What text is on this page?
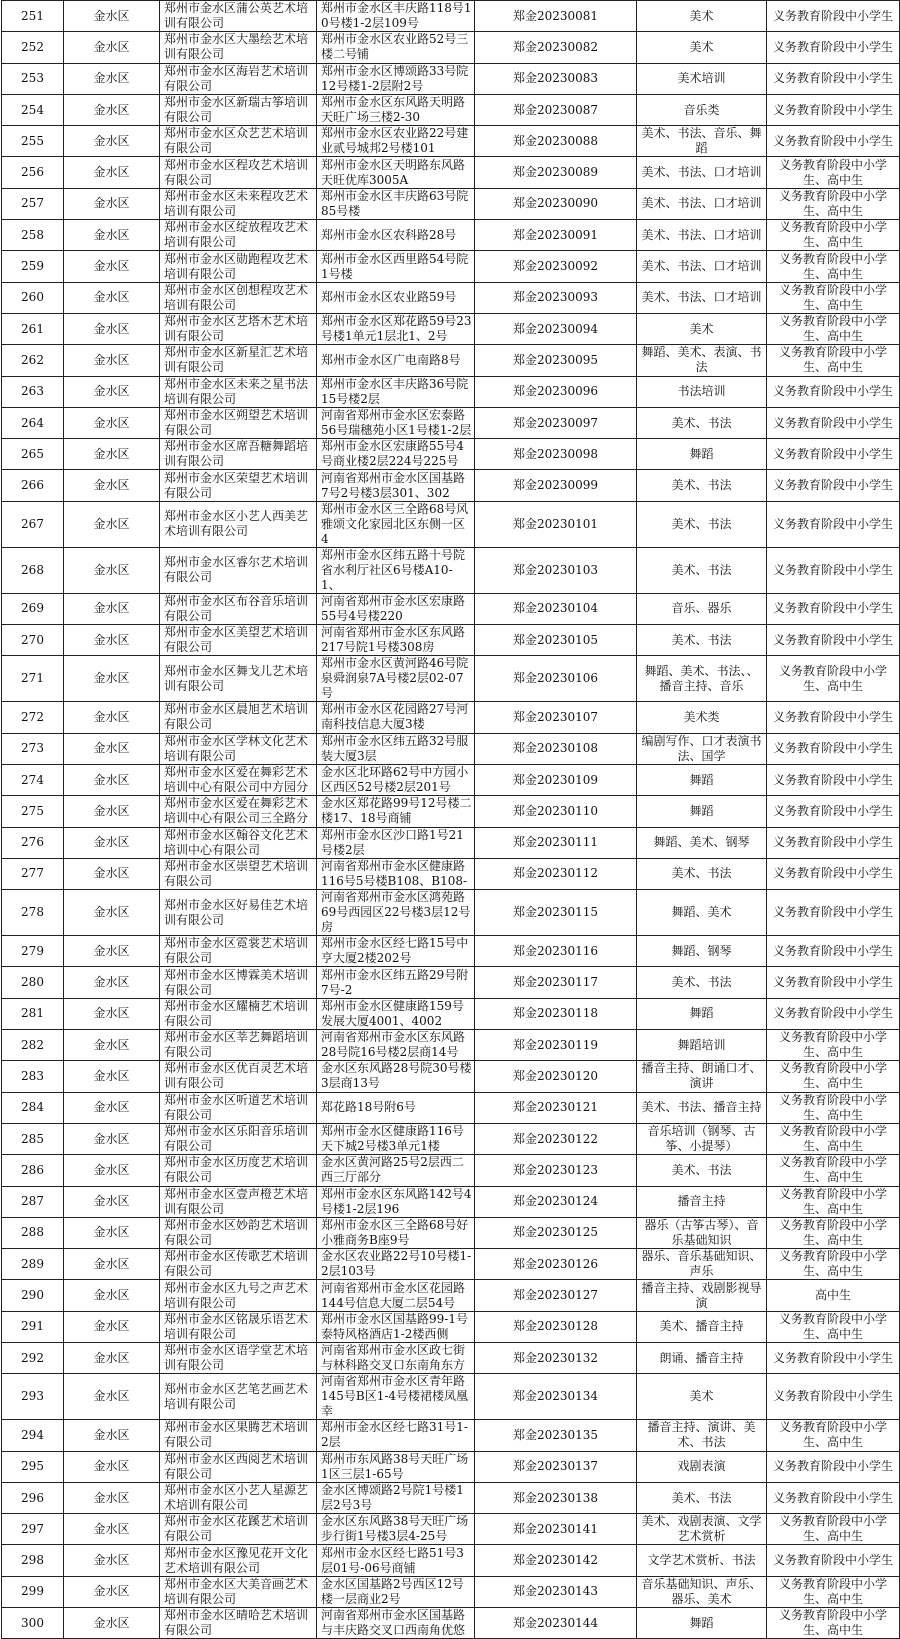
251	金水区	郑州市金水区蒲公英艺术培训有限公司	郑州市金水区丰庆路118号10号楼1-2层109号	郑金20230081	美术	义务教育阶段中小学生
252	金水区	郑州市金水区大墨绘艺术培训有限公司	郑州市金水区农业路52号三楼二号铺	郑金20230082	美术	义务教育阶段中小学生
253	金水区	郑州市金水区海岩艺术培训有限公司	郑州市金水区博颂路33号院12号楼1-2层附2号	郑金20230083	美术培训	义务教育阶段中小学生
254	金水区	郑州市金水区新瑞古筝培训有限公司	郑州市金水区东风路天明路天旺广场三楼2-30	郑金20230087	音乐类	义务教育阶段中小学生
255	金水区	郑州市金水区众艺艺术培训有限公司	郑州市金水区农业路22号建业贰号城邦2号楼101	郑金20230088	美术、书法、音乐、舞蹈	义务教育阶段中小学生
256	金水区	郑州市金水区程攻艺术培训有限公司	郑州市金水区天明路东风路天旺优库3005A	郑金20230089	美术、书法、口才培训	义务教育阶段中小学生、高中生
257	金水区	郑州市金水区未来程攻艺术培训有限公司	郑州市金水区丰庆路63号院85号楼	郑金20230090	美术、书法、口才培训	义务教育阶段中小学生、高中生
258	金水区	郑州市金水区绽放程攻艺术培训有限公司	郑州市金水区农科路28号	郑金20230091	美术、书法、口才培训	义务教育阶段中小学生、高中生
259	金水区	郑州市金水区勋跑程攻艺术培训有限公司	郑州市金水区西里路54号院1号楼	郑金20230092	美术、书法、口才培训	义务教育阶段中小学生、高中生
260	金水区	郑州市金水区创想程攻艺术培训有限公司	郑州市金水区农业路59号	郑金20230093	美术、书法、口才培训	义务教育阶段中小学生、高中生
261	金水区	郑州市金水区艺塔木艺术培训有限公司	郑州市金水区郑花路59号23号楼1单元1层北1、2号	郑金20230094	美术	义务教育阶段中小学生、高中生
262	金水区	郑州市金水区新星汇艺术培训有限公司	郑州市金水区广电南路8号	郑金20230095	舞蹈、美术、表演、书法	义务教育阶段中小学生、高中生
263	金水区	郑州市金水区未来之星书法培训有限公司	郑州市金水区丰庆路36号院15号楼2层	郑金20230096	书法培训	义务教育阶段中小学生
264	金水区	郑州市金水区朔望艺术培训有限公司	河南省郑州市金水区宏泰路56号瑞穗苑小区1号楼1-2层	郑金20230097	美术、书法	义务教育阶段中小学生
265	金水区	郑州市金水区席吾糖舞蹈培训有限公司	郑州市金水区宏康路55号4号商业楼2层224号225号	郑金20230098	舞蹈	义务教育阶段中小学生
266	金水区	郑州市金水区荣望艺术培训有限公司	河南省郑州市金水区国基路7号2号楼3层301、302	郑金20230099	美术、书法	义务教育阶段中小学生
267	金水区	郑州市金水区小艺人西美艺术培训有限公司	郑州市金水区三全路68号风雅颂文化家园北区东侧一区4	郑金20230101	美术、书法	义务教育阶段中小学生
268	金水区	郑州市金水区睿尔艺术培训有限公司	郑州市金水区纬五路十号院省水利厅社区6号楼A10-1、	郑金20230103	美术、书法	义务教育阶段中小学生
269	金水区	郑州市金水区布谷音乐培训有限公司	河南省郑州市金水区宏康路55号4号楼220	郑金20230104	音乐、器乐	义务教育阶段中小学生
270	金水区	郑州市金水区美望艺术培训有限公司	河南省郑州市金水区东风路217号院1号楼308房	郑金20230105	美术、书法	义务教育阶段中小学生
271	金水区	郑州市金水区舞戈儿艺术培训有限公司	郑州市金水区黄河路46号院泉舜润泉7A号楼2层02-07号	郑金20230106	舞蹈、美术、书法、、播音主持、音乐	义务教育阶段中小学生、高中生
272	金水区	郑州市金水区晨旭艺术培训有限公司	郑州市金水区花园路27号河南科技信息大厦3楼	郑金20230107	美术类	义务教育阶段中小学生
273	金水区	郑州市金水区学林文化艺术培训有限公司	郑州市金水区纬五路32号服装大厦3层	郑金20230108	编剧写作、口才表演书法、国学	义务教育阶段中小学生
274	金水区	郑州市金水区爱在舞彩艺术培训中心有限公司中方园分	金水区北环路62号中方园小区西区52号楼2层201号	郑金20230109	舞蹈	义务教育阶段中小学生
275	金水区	郑州市金水区爱在舞彩艺术培训中心有限公司三全路分	金水区郑花路99号12号楼二楼17、18号商铺	郑金20230110	舞蹈	义务教育阶段中小学生
276	金水区	郑州市金水区翰谷文化艺术培训中心有限公司	郑州市金水区沙口路1号21号楼2层	郑金20230111	舞蹈、美术、钢琴	义务教育阶段中小学生
277	金水区	郑州市金水区崇望艺术培训有限公司	河南省郑州市金水区健康路116号5号楼B108、B108-	郑金20230112	美术、书法	义务教育阶段中小学生
278	金水区	郑州市金水区好易佳艺术培训有限公司	河南省郑州市金水区鸿苑路69号西园区22号楼3层12号房	郑金20230115	舞蹈、美术	义务教育阶段中小学生
279	金水区	郑州市金水区霓裳艺术培训有限公司	郑州市金水区经七路15号中亨大厦2楼202号	郑金20230116	舞蹈、钢琴	义务教育阶段中小学生
280	金水区	郑州市金水区博霖美术培训有限公司	郑州市金水区纬五路29号附7号-2	郑金20230117	美术、书法	义务教育阶段中小学生
281	金水区	郑州市金水区耀楠艺术培训有限公司	郑州市金水区健康路159号发展大厦4001、4002	郑金20230118	舞蹈	义务教育阶段中小学生
282	金水区	郑州市金水区莘艺舞蹈培训有限公司	河南省郑州市金水区东风路28号院16号楼2层商14号	郑金20230119	舞蹈培训	义务教育阶段中小学生、高中生
283	金水区	郑州市金水区优百灵艺术培训有限公司	金水区东风路28号院30号楼3层商13号	郑金20230120	播音主持、朗诵口才、演讲	义务教育阶段中小学生、高中生
284	金水区	郑州市金水区听道艺术培训有限公司	郑花路18号附6号	郑金20230121	美术、书法、播音主持	义务教育阶段中小学生、高中生
285	金水区	郑州市金水区乐阳音乐培训有限公司	郑州市金水区健康路116号天下城2号楼3单元1楼	郑金20230122	音乐培训（钢琴、古筝、小提琴）	义务教育阶段中小学生、高中生
286	金水区	郑州市金水区历度艺术培训有限公司	金水区黄河路25号2层西二西三厅部分	郑金20230123	美术、书法	义务教育阶段中小学生、高中生
287	金水区	郑州市金水区壹声橙艺术培训有限公司	郑州市金水区东风路142号4号楼1-2层196	郑金20230124	播音主持	义务教育阶段中小学生、高中生
288	金水区	郑州市金水区妙韵艺术培训有限公司	郑州市金水区三全路68号好小雅商务B座9号	郑金20230125	器乐（古筝古琴）、音乐基础知识	义务教育阶段中小学生、高中生
289	金水区	郑州市金水区传歌艺术培训有限公司	金水区农业路22号10号楼1-2层103号	郑金20230126	器乐、音乐基础知识、声乐	义务教育阶段中小学生、高中生
290	金水区	郑州市金水区九号之声艺术培训有限公司	河南省郑州市金水区花园路144号信息大厦二层54号	郑金20230127	播音主持、戏剧影视导演	高中生
291	金水区	郑州市金水区铭晟乐语艺术培训有限公司	郑州市金水区国基路99-1号泰特风格酒店1-2楼西侧	郑金20230128	美术、播音主持	义务教育阶段中小学生、高中生
292	金水区	郑州市金水区语学堂艺术培训有限公司	河南省郑州市金水区政七街与林科路交叉口东南角东方	郑金20230132	朗诵、播音主持	义务教育阶段中小学生
293	金水区	郑州市金水区艺笔艺画艺术培训有限公司	河南省郑州市金水区青年路145号B区1-4号楼裙楼凤凰幸	郑金20230134	美术	义务教育阶段中小学生
294	金水区	郑州市金水区果腾艺术培训有限公司	郑州市金水区经七路31号1-2层	郑金20230135	播音主持、演讲、美术、书法	义务教育阶段中小学生、高中生
295	金水区	郑州市金水区西阅艺术培训有限公司	郑州市东风路38号天旺广场1区三层1-65号	郑金20230137	戏剧表演	义务教育阶段中小学生
296	金水区	郑州市金水区小艺人星源艺术培训有限公司	金水区博颂路2号院1号楼1层2号3号	郑金20230138	美术、书法	义务教育阶段中小学生
297	金水区	郑州市金水区花蹊艺术培训有限公司	金水区东风路38号天旺广场步行街1号楼3层4-25号	郑金20230141	美术、戏剧表演、文学艺术赏析	义务教育阶段中小学生、高中生
298	金水区	郑州市金水区豫见花开文化艺术培训有限公司	郑州市金水区经七路51号3层01号-06号商铺	郑金20230142	文学艺术赏析、书法	义务教育阶段中小学生
299	金水区	郑州市金水区大美音画艺术培训有限公司	金水区国基路2号西区12号楼一层商业2号	郑金20230143	音乐基础知识、声乐、器乐、美术	义务教育阶段中小学生、高中生
300	金水区	郑州市金水区晴哈艺术培训有限公司	河南省郑州市金水区国基路与丰庆路交叉口西南角优悠	郑金20230144	舞蹈	义务教育阶段中小学生、高中生
